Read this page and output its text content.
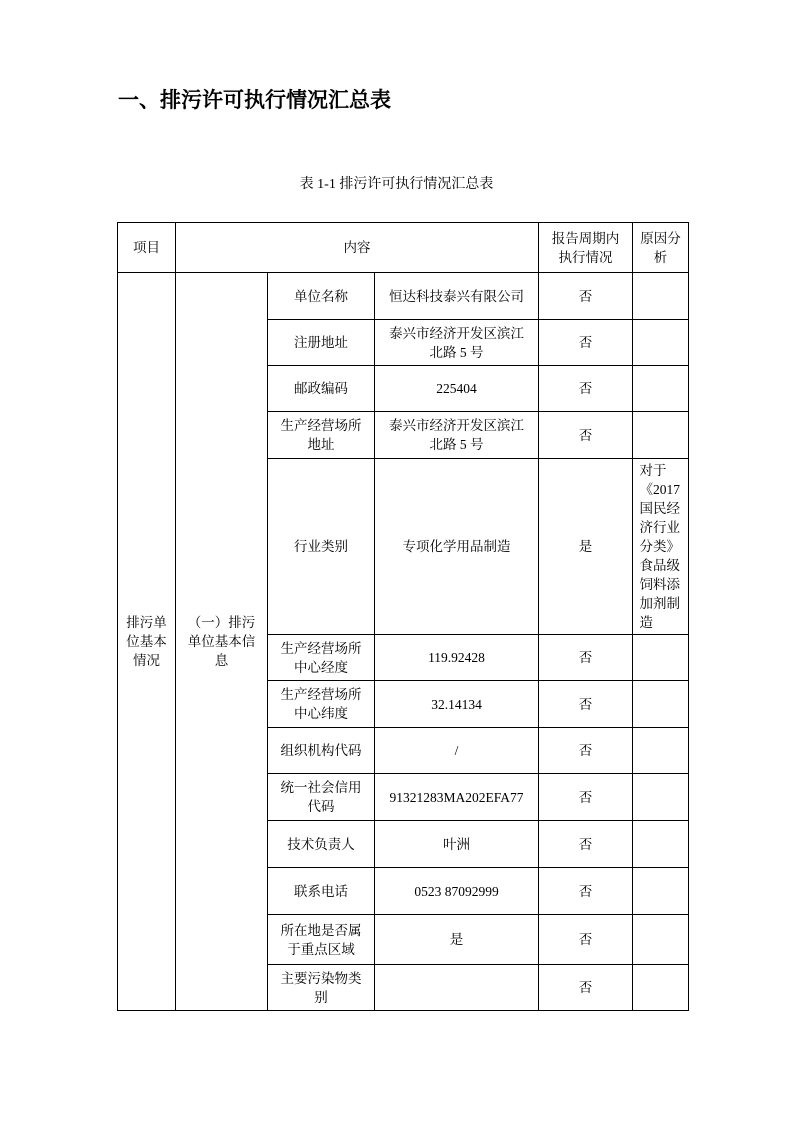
一、排污许可执行情况汇总表
表 1-1 排污许可执行情况汇总表
项目	内容			报告周期内执行情况	原因分析
排污单位基本情况	（一）排污单位基本信息	单位名称	恒达科技泰兴有限公司	否	
		注册地址	泰兴市经济开发区滨江北路 5 号	否	
		邮政编码	225404	否	
		生产经营场所地址	泰兴市经济开发区滨江北路 5 号	否	
		行业类别	专项化学用品制造	是	对于《2017国民经济行业分类》食品级饲料添加剂制造
		生产经营场所中心经度	119.92428	否	
		生产经营场所中心纬度	32.14134	否	
		组织机构代码	/	否	
		统一社会信用代码	91321283MA202EFA77	否	
		技术负责人	叶洲	否	
		联系电话	0523 87092999	否	
		所在地是否属于重点区域	是	否	
		主要污染物类别		否	
